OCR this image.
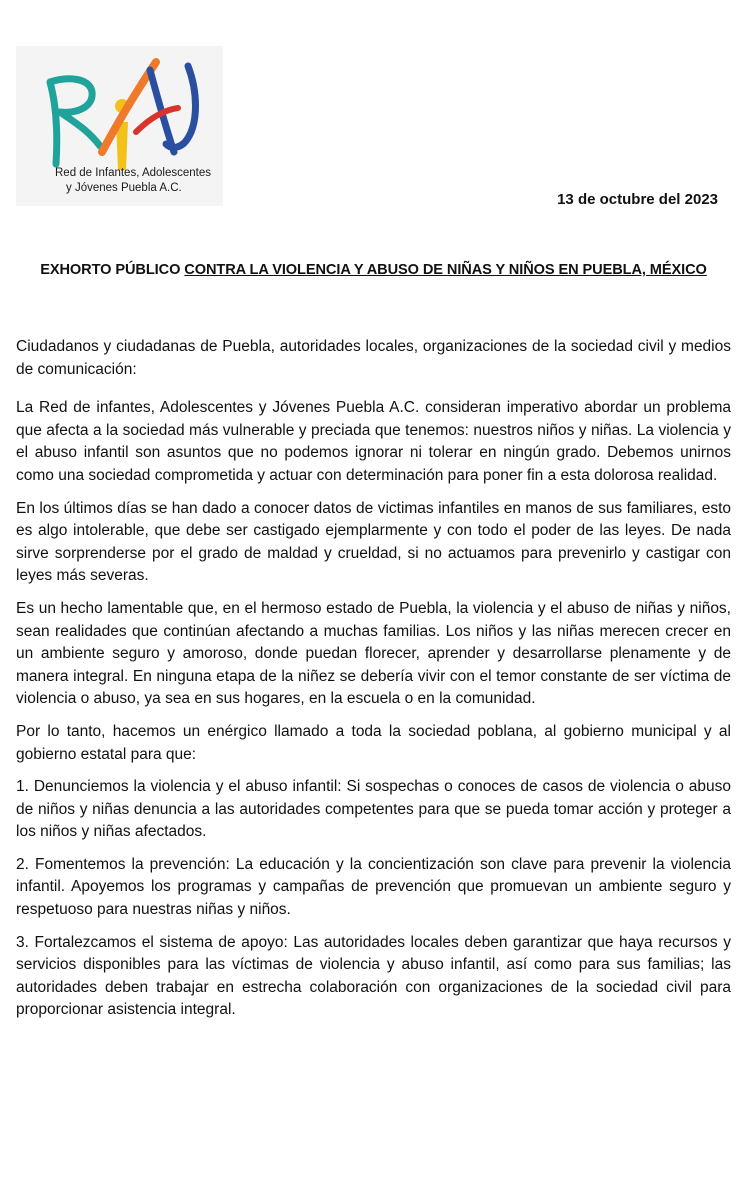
Red de Infantes, Adolescentes
y Jóvenes Puebla A.C.
13 de octubre del 2023
EXHORTO PÚBLICO CONTRA LA VIOLENCIA Y ABUSO DE NIÑAS Y NIÑOS EN PUEBLA, MÉXICO

Ciudadanos y ciudadanas de Puebla, autoridades locales, organizaciones de la sociedad civil y medios de comunicación:

La Red de infantes, Adolescentes y Jóvenes Puebla A.C. consideran imperativo abordar un problema que afecta a la sociedad más vulnerable y preciada que tenemos: nuestros niños y niñas. La violencia y el abuso infantil son asuntos que no podemos ignorar ni tolerar en ningún grado. Debemos unirnos como una sociedad comprometida y actuar con determinación para poner fin a esta dolorosa realidad.

En los últimos días se han dado a conocer datos de victimas infantiles en manos de sus familiares, esto es algo intolerable, que debe ser castigado ejemplarmente y con todo el poder de las leyes. De nada sirve sorprenderse por el grado de maldad y crueldad, si no actuamos para prevenirlo y castigar con leyes más severas.

Es un hecho lamentable que, en el hermoso estado de Puebla, la violencia y el abuso de niñas y niños, sean realidades que continúan afectando a muchas familias. Los niños y las niñas merecen crecer en un ambiente seguro y amoroso, donde puedan florecer, aprender y desarrollarse plenamente y de manera integral. En ninguna etapa de la niñez se debería vivir con el temor constante de ser víctima de violencia o abuso, ya sea en sus hogares, en la escuela o en la comunidad.

Por lo tanto, hacemos un enérgico llamado a toda la sociedad poblana, al gobierno municipal y al gobierno estatal para que:

1. Denunciemos la violencia y el abuso infantil: Si sospechas o conoces de casos de violencia o abuso de niños y niñas denuncia a las autoridades competentes para que se pueda tomar acción y proteger a los niños y niñas afectados.

2. Fomentemos la prevención: La educación y la concientización son clave para prevenir la violencia infantil. Apoyemos los programas y campañas de prevención que promuevan un ambiente seguro y respetuoso para nuestras niñas y niños.

3. Fortalezcamos el sistema de apoyo: Las autoridades locales deben garantizar que haya recursos y servicios disponibles para las víctimas de violencia y abuso infantil, así como para sus familias; las autoridades deben trabajar en estrecha colaboración con organizaciones de la sociedad civil para proporcionar asistencia integral.
